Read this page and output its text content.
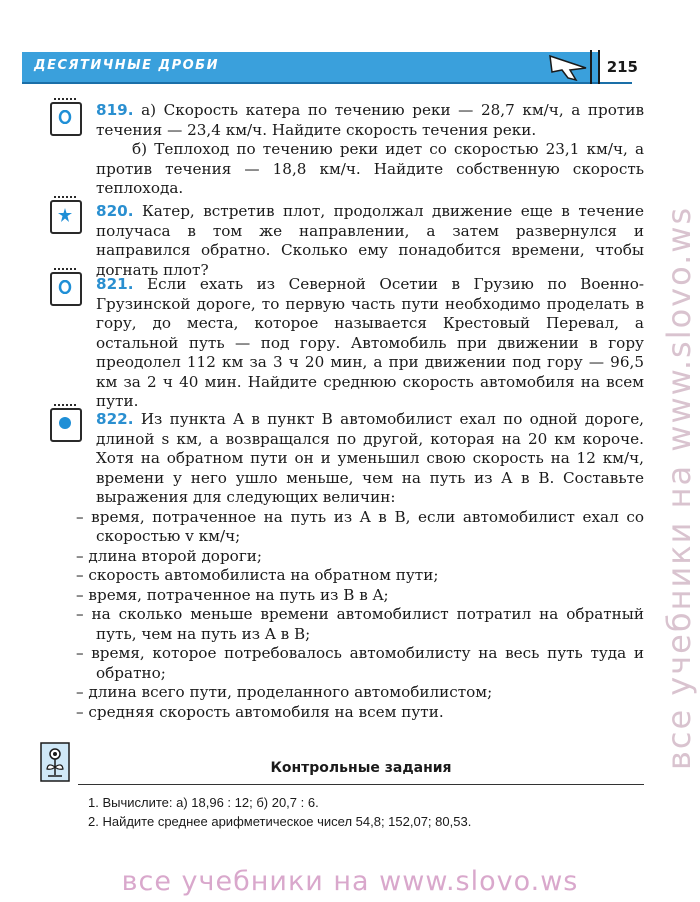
ДЕСЯТИЧНЫЕ ДРОБИ	215

819. а) Скорость катера по течению реки — 28,7 км/ч, а против течения — 23,4 км/ч. Найдите скорость течения реки.

б) Теплоход по течению реки идет со скоростью 23,1 км/ч, а против течения — 18,8 км/ч. Найдите собственную скорость теплохода.

820. Катер, встретив плот, продолжал движение еще в течение получаса в том же направлении, а затем развернулся и направился обратно. Сколько ему понадобится времени, чтобы догнать плот?

821. Если ехать из Северной Осетии в Грузию по Военно-Грузинской дороге, то первую часть пути необходимо проделать в гору, до места, которое называется Крестовый Перевал, а остальной путь — под гору. Автомобиль при движении в гору преодолел 112 км за 3 ч 20 мин, а при движении под гору — 96,5 км за 2 ч 40 мин. Найдите среднюю скорость автомобиля на всем пути.

822. Из пункта A в пункт B автомобилист ехал по одной дороге, длиной s км, а возвращался по другой, которая на 20 км короче. Хотя на обратном пути он и уменьшил свою скорость на 12 км/ч, времени у него ушло меньше, чем на путь из A в B. Составьте выражения для следующих величин:

– время, потраченное на путь из A в B, если автомобилист ехал со скоростью v км/ч;

– длина второй дороги;

– скорость автомобилиста на обратном пути;

– время, потраченное на путь из B в A;

– на сколько меньше времени автомобилист потратил на обратный путь, чем на путь из A в B;

– время, которое потребовалось автомобилисту на весь путь туда и обратно;

– длина всего пути, проделанного автомобилистом;

– средняя скорость автомобиля на всем пути.

Контрольные задания
1. Вычислите: а) 18,96 : 12; б) 20,7 : 6.
2. Найдите среднее арифметическое чисел 54,8; 152,07; 80,53.
все учебники на www.slovo.ws
все учебники на www.slovo.ws
